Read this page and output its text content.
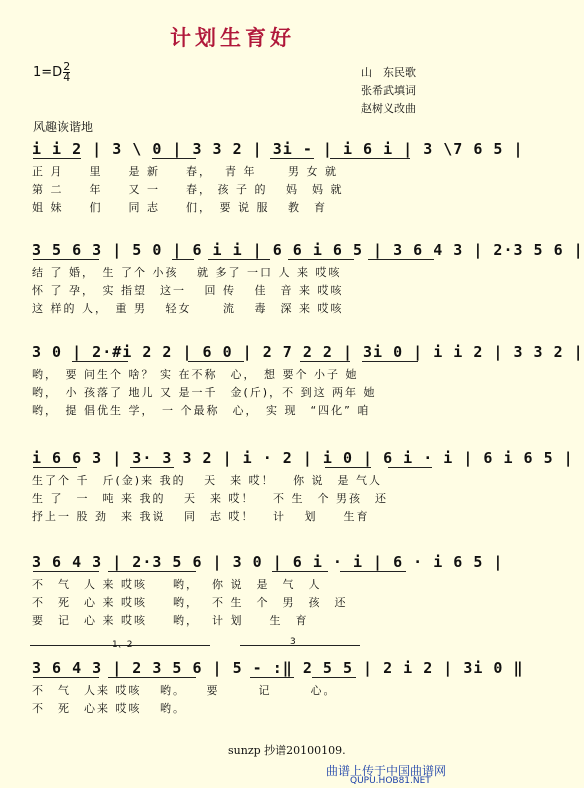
计划生育好
$1=D \frac{2}{4}$	山　东民歌
张希武填词
赵树义改曲
风趣诙谐地
i i 2 | 3 \ 0 | 3 3 2 | 3i - | i 6 i | 3 \7 6 5 |
正 月　　里　　是 新　　春，　 青 年　　 男 女 就
第 二　　年　　又 一　　春， 孩 子 的　 妈　妈 就
姐 妹　　们　　同 志　　们，　要 说 服　 教　育
3 5 6 3 | 5 0 | 6 i i | 6 6 i 6 5 | 3 6 4 3 | 2·3 5 6 |
结 了 婚，　生 了个 小孩　 就 多了 一口 人 来 哎咳
怀 了 孕，　实 指望　这一　 回 传　 佳　音 来 哎咳
这 样的 人，　重 男　 轻女　　 流　 毒　深 来 哎咳
3 0 | 2·#i 2 2 | 6 0 | 2 7 2 2 | 3i 0 | i i 2 | 3 3 2 |
哟，　要 问生个 啥？ 实 在不称　心，　想 要个 小子 她
哟，　小 孩落了 地儿 又 是一千　金(斤)，不 到这 两年 她
哟，　提 倡优生 学，　一 个最称　心，　实 现　“四化” 咱
i 6 6 3 | 3· 3 3 2 | i · 2 | i 0 | 6 i · i | 6 i 6 5 |
生了个 千　斤(金)来 我的　 天　来 哎！　 你 说　是 气人
生 了　一　吨 来 我的　 天　来 哎！　 不 生　个 男孩　还
抒上一 股 劲　来 我说　 同　志 哎！　 计　 划　　生育
3 6 4 3 | 2·3 5 6 | 3 0 | 6 i · i | 6 · i 6 5 |
不　气　人 来 哎咳　　哟，　 你 说　是　气　人
不　死　心 来 哎咳　　哟，　 不 生　个　男　孩　还
要　记　心 来 哎咳　　哟，　 计 划　　生　育
1、2	3
3 6 4 3 | 2 3 5 6 | 5 - :‖ 2 5 5 | 2 i 2 | 3i 0 ‖
不　气　人来 哎咳　 哟。　　要　　　记　　　心。
不　死　心来 哎咳　 哟。
sunzp 抄谱20100109.
曲谱上传于中国曲谱网
QUPU.HOB81.NET
